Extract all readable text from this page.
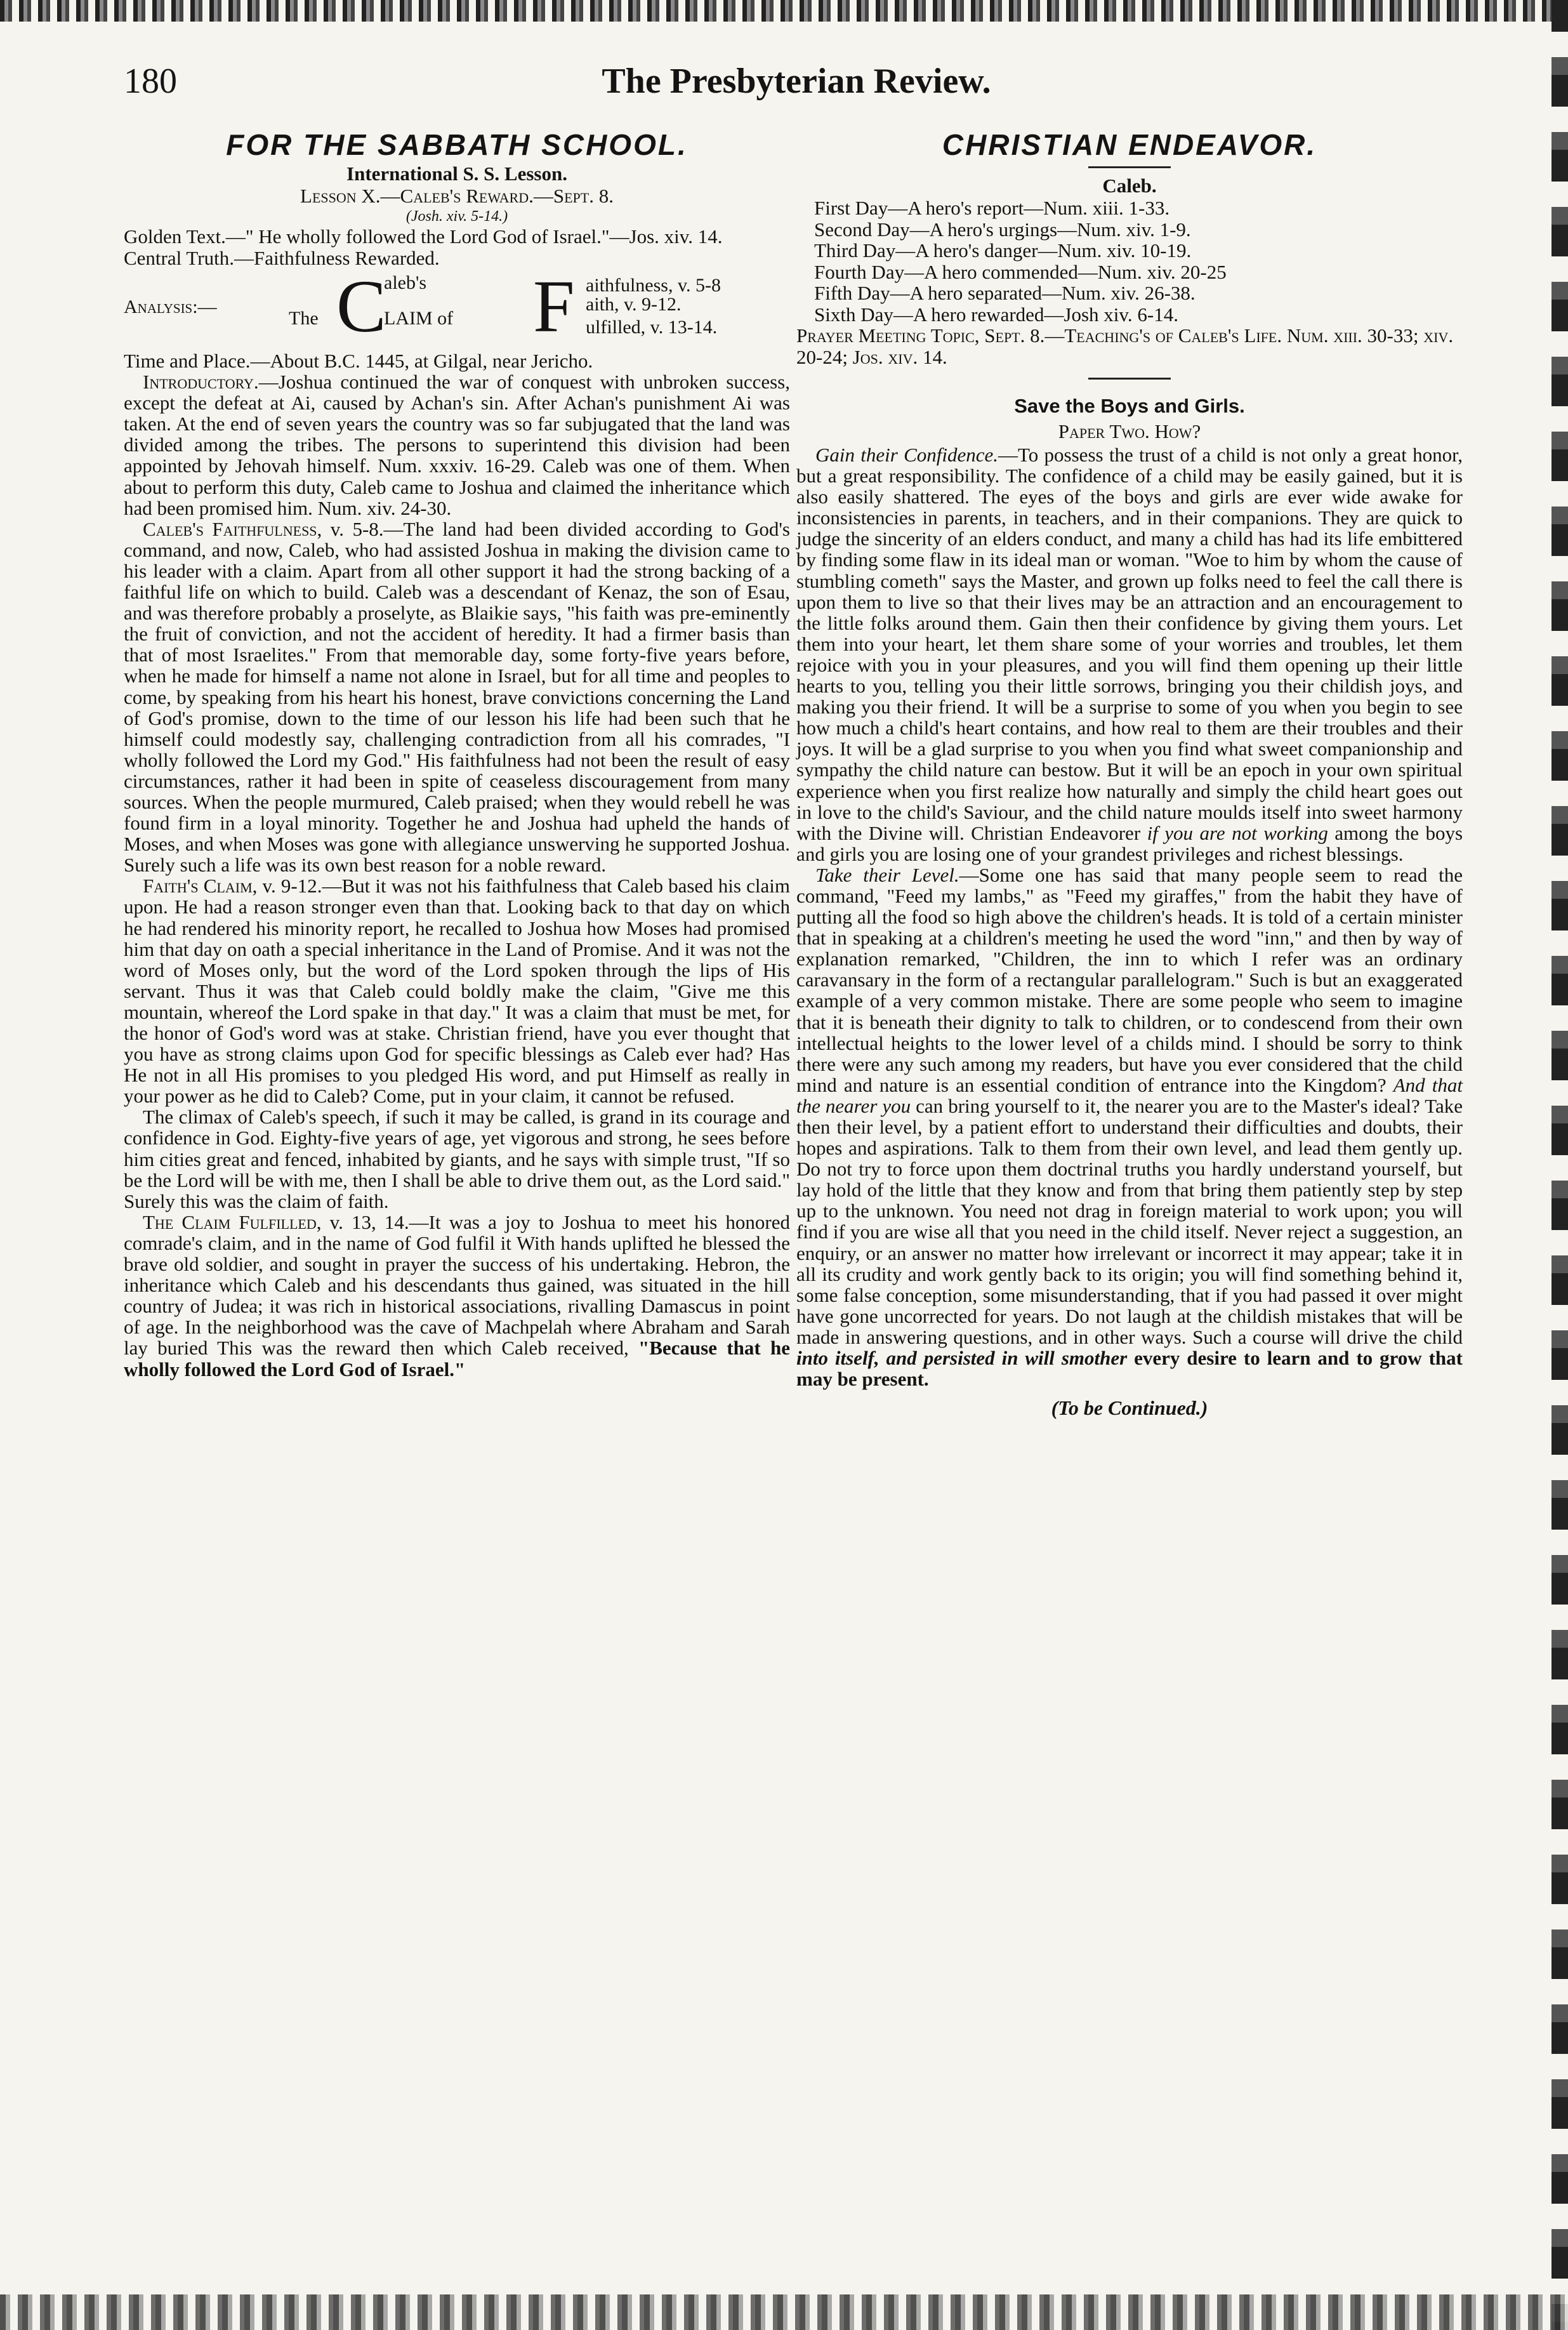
180	The Presbyterian Review.
FOR THE SABBATH SCHOOL.
International S. S. Lesson.
Lesson X.—Caleb's Reward.—Sept. 8.
(Josh. xiv. 5-14.)
Golden Text.—" He wholly followed the Lord God of Israel."—Jos. xiv. 14.
Central Truth.—Faithfulness Rewarded.
Analysis:—
The C
aleb's
LAIM of F aithfulness, v. 5-8
aith, v. 9-12.
ulfilled, v. 13-14.

Time and Place.—About B.C. 1445, at Gilgal, near Jericho.

Introductory.—Joshua continued the war of conquest with unbroken success, except the defeat at Ai, caused by Achan's sin. After Achan's punishment Ai was taken. At the end of seven years the country was so far subjugated that the land was divided among the tribes. The persons to superintend this division had been appointed by Jehovah himself. Num. xxxiv. 16-29. Caleb was one of them. When about to perform this duty, Caleb came to Joshua and claimed the inheritance which had been promised him. Num. xiv. 24-30.

Caleb's Faithfulness, v. 5-8.—The land had been divided according to God's command, and now, Caleb, who had assisted Joshua in making the division came to his leader with a claim. Apart from all other support it had the strong backing of a faithful life on which to build. Caleb was a descendant of Kenaz, the son of Esau, and was therefore probably a proselyte, as Blaikie says, "his faith was pre-eminently the fruit of conviction, and not the accident of heredity. It had a firmer basis than that of most Israelites." From that memorable day, some forty-five years before, when he made for himself a name not alone in Israel, but for all time and peoples to come, by speaking from his heart his honest, brave convictions concerning the Land of God's promise, down to the time of our lesson his life had been such that he himself could modestly say, challenging contradiction from all his comrades, "I wholly followed the Lord my God." His faithfulness had not been the result of easy circumstances, rather it had been in spite of ceaseless discouragement from many sources. When the people murmured, Caleb praised; when they would rebell he was found firm in a loyal minority. Together he and Joshua had upheld the hands of Moses, and when Moses was gone with allegiance unswerving he supported Joshua. Surely such a life was its own best reason for a noble reward.

Faith's Claim, v. 9-12.—But it was not his faithfulness that Caleb based his claim upon. He had a reason stronger even than that. Looking back to that day on which he had rendered his minority report, he recalled to Joshua how Moses had promised him that day on oath a special inheritance in the Land of Promise. And it was not the word of Moses only, but the word of the Lord spoken through the lips of His servant. Thus it was that Caleb could boldly make the claim, "Give me this mountain, whereof the Lord spake in that day." It was a claim that must be met, for the honor of God's word was at stake. Christian friend, have you ever thought that you have as strong claims upon God for specific blessings as Caleb ever had? Has He not in all His promises to you pledged His word, and put Himself as really in your power as he did to Caleb? Come, put in your claim, it cannot be refused.

The climax of Caleb's speech, if such it may be called, is grand in its courage and confidence in God. Eighty-five years of age, yet vigorous and strong, he sees before him cities great and fenced, inhabited by giants, and he says with simple trust, "If so be the Lord will be with me, then I shall be able to drive them out, as the Lord said." Surely this was the claim of faith.

The Claim Fulfilled, v. 13, 14.—It was a joy to Joshua to meet his honored comrade's claim, and in the name of God fulfil it With hands uplifted he blessed the brave old soldier, and sought in prayer the success of his undertaking. Hebron, the inheritance which Caleb and his descendants thus gained, was situated in the hill country of Judea; it was rich in historical associations, rivalling Damascus in point of age. In the neighborhood was the cave of Machpelah where Abraham and Sarah lay buried This was the reward then which Caleb received, "Because that he wholly followed the Lord God of Israel."

CHRISTIAN ENDEAVOR.
Caleb.
First Day—A hero's report—Num. xiii. 1-33.
Second Day—A hero's urgings—Num. xiv. 1-9.
Third Day—A hero's danger—Num. xiv. 10-19.
Fourth Day—A hero commended—Num. xiv. 20-25
Fifth Day—A hero separated—Num. xiv. 26-38.
Sixth Day—A hero rewarded—Josh xiv. 6-14.
Prayer Meeting Topic, Sept. 8.—Teaching's of Caleb's Life. Num. xiii. 30-33; xiv. 20-24; Jos. xiv. 14.
Save the Boys and Girls.
Paper Two. How?

Gain their Confidence.—To possess the trust of a child is not only a great honor, but a great responsibility. The confidence of a child may be easily gained, but it is also easily shattered. The eyes of the boys and girls are ever wide awake for inconsistencies in parents, in teachers, and in their companions. They are quick to judge the sincerity of an elders conduct, and many a child has had its life embittered by finding some flaw in its ideal man or woman. "Woe to him by whom the cause of stumbling cometh" says the Master, and grown up folks need to feel the call there is upon them to live so that their lives may be an attraction and an encouragement to the little folks around them. Gain then their confidence by giving them yours. Let them into your heart, let them share some of your worries and troubles, let them rejoice with you in your pleasures, and you will find them opening up their little hearts to you, telling you their little sorrows, bringing you their childish joys, and making you their friend. It will be a surprise to some of you when you begin to see how much a child's heart contains, and how real to them are their troubles and their joys. It will be a glad surprise to you when you find what sweet companionship and sympathy the child nature can bestow. But it will be an epoch in your own spiritual experience when you first realize how naturally and simply the child heart goes out in love to the child's Saviour, and the child nature moulds itself into sweet harmony with the Divine will. Christian Endeavorer if you are not working among the boys and girls you are losing one of your grandest privileges and richest blessings.

Take their Level.—Some one has said that many people seem to read the command, "Feed my lambs," as "Feed my giraffes," from the habit they have of putting all the food so high above the children's heads. It is told of a certain minister that in speaking at a children's meeting he used the word "inn," and then by way of explanation remarked, "Children, the inn to which I refer was an ordinary caravansary in the form of a rectangular parallelogram." Such is but an exaggerated example of a very common mistake. There are some people who seem to imagine that it is beneath their dignity to talk to children, or to condescend from their own intellectual heights to the lower level of a childs mind. I should be sorry to think there were any such among my readers, but have you ever considered that the child mind and nature is an essential condition of entrance into the Kingdom? And that the nearer you can bring yourself to it, the nearer you are to the Master's ideal? Take then their level, by a patient effort to understand their difficulties and doubts, their hopes and aspirations. Talk to them from their own level, and lead them gently up. Do not try to force upon them doctrinal truths you hardly understand yourself, but lay hold of the little that they know and from that bring them patiently step by step up to the unknown. You need not drag in foreign material to work upon; you will find if you are wise all that you need in the child itself. Never reject a suggestion, an enquiry, or an answer no matter how irrelevant or incorrect it may appear; take it in all its crudity and work gently back to its origin; you will find something behind it, some false conception, some misunderstanding, that if you had passed it over might have gone uncorrected for years. Do not laugh at the childish mistakes that will be made in answering questions, and in other ways. Such a course will drive the child into itself, and persisted in will smother every desire to learn and to grow that may be present.

(To be Continued.)
